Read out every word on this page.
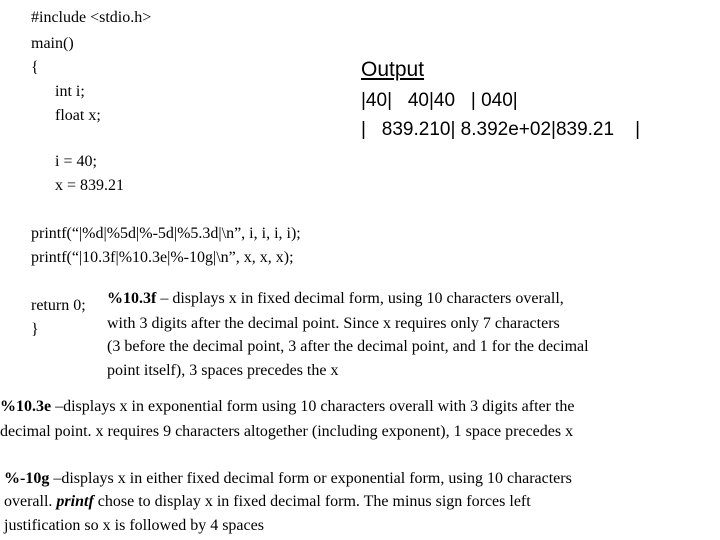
#include <stdio.h>
main()
{
int i;
float x;
i = 40;
x = 839.21
printf(“|%d|%5d|%-5d|%5.3d|\n”, i, i, i, i);
printf(“|10.3f|%10.3e|%-10g|\n”, x, x, x);
return 0;
}
Output
|40|   40|40   | 040|
|   839.210| 8.392e+02|839.21    |
%10.3f – displays x in fixed decimal form, using 10 characters overall,
with 3 digits after the decimal point. Since x requires only 7 characters
(3 before the decimal point, 3 after the decimal point, and 1 for the decimal
point itself), 3 spaces precedes the x
%10.3e –displays x in exponential form using 10 characters overall with 3 digits after the
decimal point. x requires 9 characters altogether (including exponent), 1 space precedes x
%-10g –displays x in either fixed decimal form or exponential form, using 10 characters
overall. printf chose to display x in fixed decimal form. The minus sign forces left
justification so x is followed by 4 spaces
